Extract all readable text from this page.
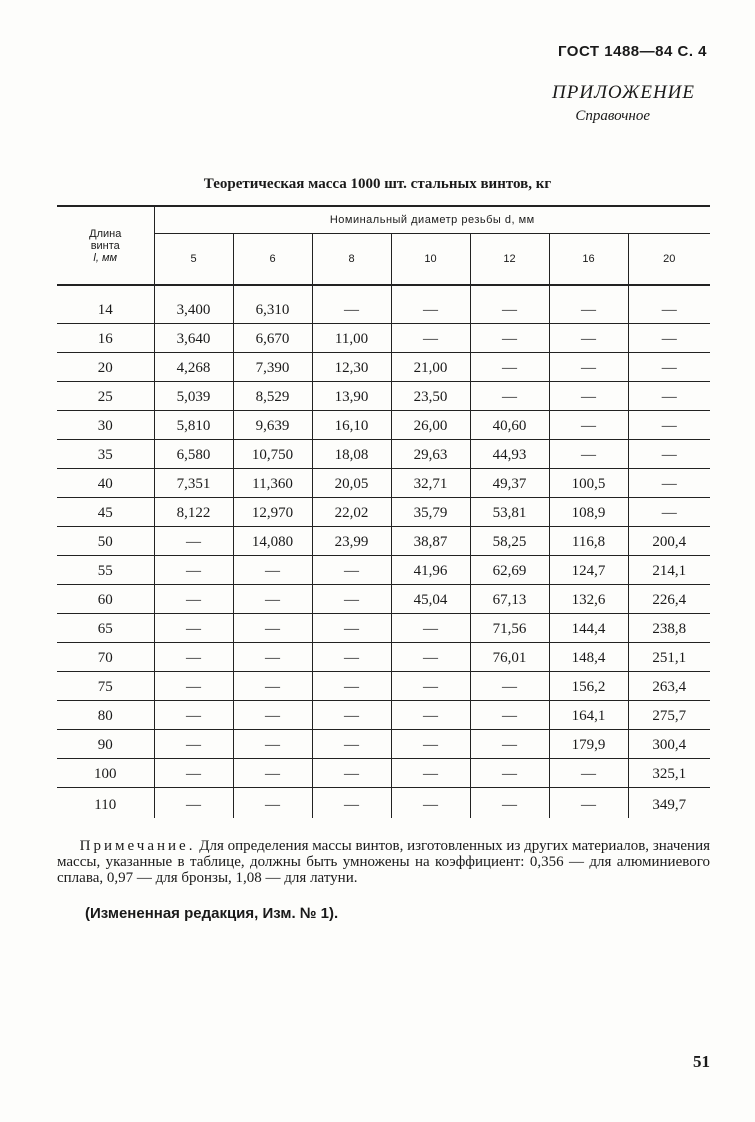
ГОСТ 1488—84 С. 4
ПРИЛОЖЕНИЕ
Справочное
Теоретическая масса 1000 шт. стальных винтов, кг
Длина
винта
l, мм	Номинальный диаметр резьбы d, мм						
	5	6	8	10	12	16	20
14	3,400	6,310	—	—	—	—	—
16	3,640	6,670	11,00	—	—	—	—
20	4,268	7,390	12,30	21,00	—	—	—
25	5,039	8,529	13,90	23,50	—	—	—
30	5,810	9,639	16,10	26,00	40,60	—	—
35	6,580	10,750	18,08	29,63	44,93	—	—
40	7,351	11,360	20,05	32,71	49,37	100,5	—
45	8,122	12,970	22,02	35,79	53,81	108,9	—
50	—	14,080	23,99	38,87	58,25	116,8	200,4
55	—	—	—	41,96	62,69	124,7	214,1
60	—	—	—	45,04	67,13	132,6	226,4
65	—	—	—	—	71,56	144,4	238,8
70	—	—	—	—	76,01	148,4	251,1
75	—	—	—	—	—	156,2	263,4
80	—	—	—	—	—	164,1	275,7
90	—	—	—	—	—	179,9	300,4
100	—	—	—	—	—	—	325,1
110	—	—	—	—	—	—	349,7
Примечание. Для определения массы винтов, изготовленных из других материалов, значения массы, указанные в таблице, должны быть умножены на коэффициент: 0,356 — для алюминиевого сплава, 0,97 — для бронзы, 1,08 — для латуни.
(Измененная редакция, Изм. № 1).
51
